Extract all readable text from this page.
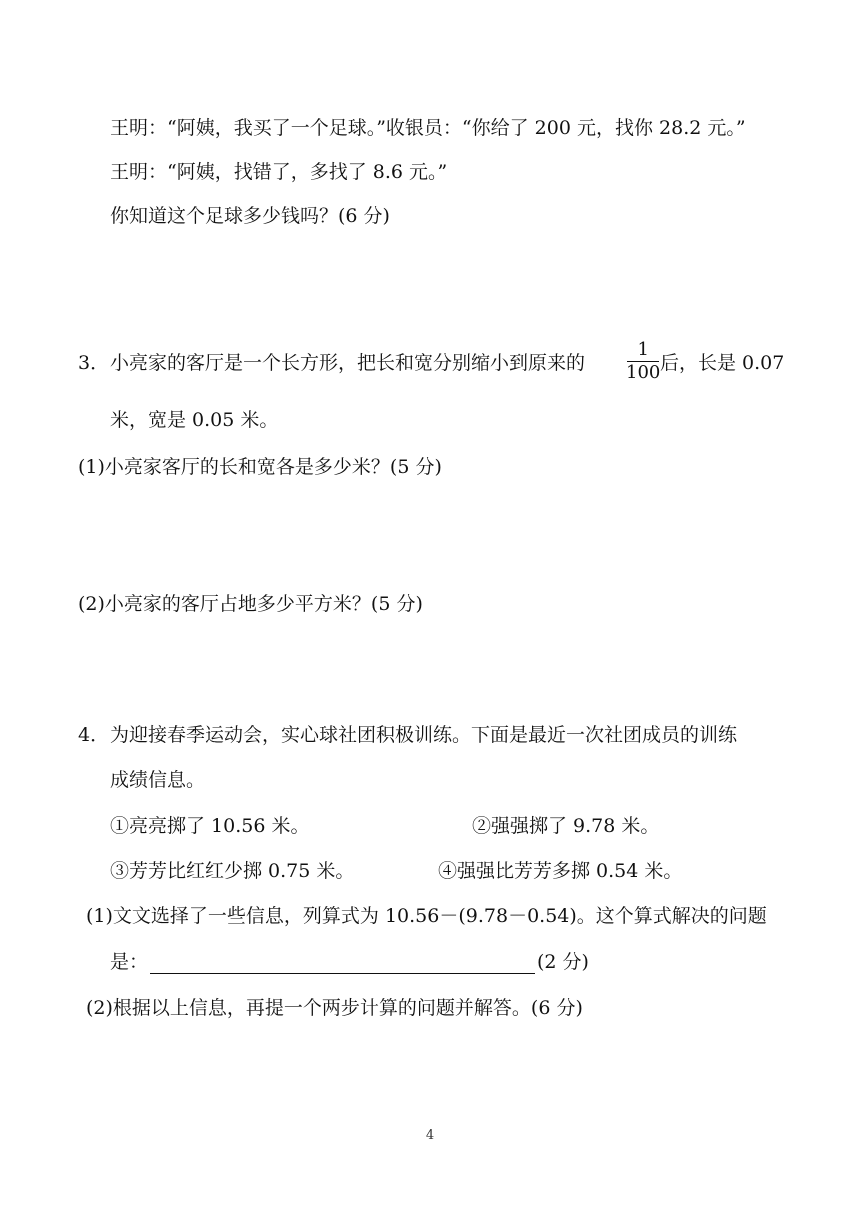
王明：“阿姨，我买了一个足球。”收银员：“你给了 200 元，找你 28.2 元。”
王明：“阿姨，找错了，多找了 8.6 元。”
你知道这个足球多少钱吗？(6 分)
3． 小亮家的客厅是一个长方形，把长和宽分别缩小到原来的
1
100 后，长是 0.07
米，宽是 0.05 米。
(1)小亮家客厅的长和宽各是多少米？(5 分)
(2)小亮家的客厅占地多少平方米？(5 分)
4． 为迎接春季运动会，实心球社团积极训练。下面是最近一次社团成员的训练
成绩信息。
①亮亮掷了 10.56 米。	②强强掷了 9.78 米。
③芳芳比红红少掷 0.75 米。	④强强比芳芳多掷 0.54 米。
(1)文文选择了一些信息，列算式为 10.56－(9.78－0.54)。这个算式解决的问题
是：	(2 分)
(2)根据以上信息，再提一个两步计算的问题并解答。(6 分)
4
